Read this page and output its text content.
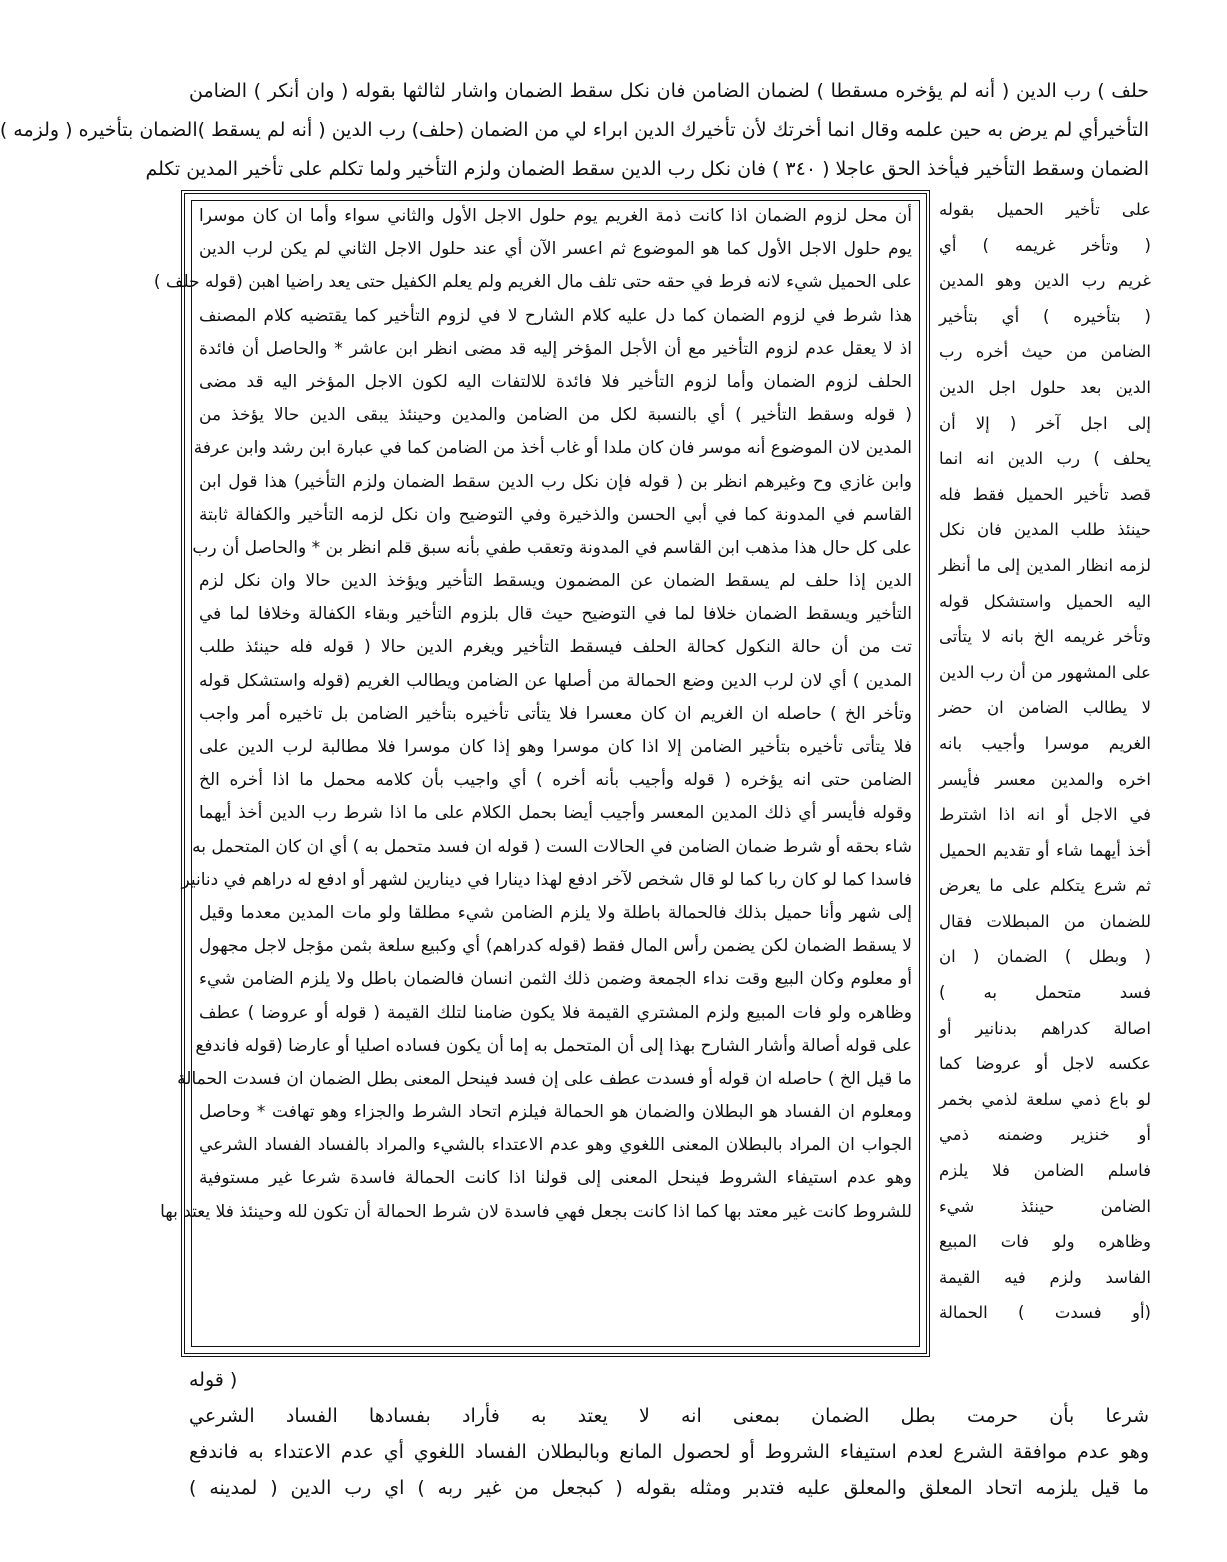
حلف ) رب الدين ( أنه لم يؤخره مسقطا ) لضمان الضامن فان نكل سقط الضمان واشار لثالثها بقوله ( وان أنكر ) الضامن
التأخيرأي لم يرض به حين علمه وقال انما أخرتك لأن تأخيرك الدين ابراء لي من الضمان (حلف) رب الدين ( أنه لم يسقط )الضمان بتأخيره ( ولزمه )
الضمان وسقط التأخير فيأخذ الحق عاجلا ( ٣٤٠ ) فان نكل رب الدين سقط الضمان ولزم التأخير ولما تكلم على تأخير المدين تكلم
أن محل لزوم الضمان اذا كانت ذمة الغريم يوم حلول الاجل الأول والثاني سواء وأما ان كان موسرا
يوم حلول الاجل الأول كما هو الموضوع ثم اعسر الآن أي عند حلول الاجل الثاني لم يكن لرب الدين
على الحميل شيء لانه فرط في حقه حتى تلف مال الغريم ولم يعلم الكفيل حتى يعد راضيا اهبن (قوله حلف )
هذا شرط في لزوم الضمان كما دل عليه كلام الشارح لا في لزوم التأخير كما يقتضيه كلام المصنف
اذ لا يعقل عدم لزوم التأخير مع أن الأجل المؤخر إليه قد مضى انظر ابن عاشر * والحاصل أن فائدة
الحلف لزوم الضمان وأما لزوم التأخير فلا فائدة للالتفات اليه لكون الاجل المؤخر اليه قد مضى
( قوله وسقط التأخير ) أي بالنسبة لكل من الضامن والمدين وحينئذ يبقى الدين حالا يؤخذ من
المدين لان الموضوع أنه موسر فان كان ملدا أو غاب أخذ من الضامن كما في عبارة ابن رشد وابن عرفة
وابن غازي وح وغيرهم انظر بن ( قوله فإن نكل رب الدين سقط الضمان ولزم التأخير) هذا قول ابن
القاسم في المدونة كما في أبي الحسن والذخيرة وفي التوضيح وان نكل لزمه التأخير والكفالة ثابتة
على كل حال هذا مذهب ابن القاسم في المدونة وتعقب طفي بأنه سبق قلم انظر بن * والحاصل أن رب
الدين إذا حلف لم يسقط الضمان عن المضمون ويسقط التأخير ويؤخذ الدين حالا وان نكل لزم
التأخير ويسقط الضمان خلافا لما في التوضيح حيث قال بلزوم التأخير وبقاء الكفالة وخلافا لما في
تت من أن حالة النكول كحالة الحلف فيسقط التأخير ويغرم الدين حالا ( قوله فله حينئذ طلب
المدين ) أي لان لرب الدين وضع الحمالة من أصلها عن الضامن ويطالب الغريم (قوله واستشكل قوله
وتأخر الخ ) حاصله ان الغريم ان كان معسرا فلا يتأتى تأخيره بتأخير الضامن بل تاخيره أمر واجب
فلا يتأتى تأخيره بتأخير الضامن إلا اذا كان موسرا وهو إذا كان موسرا فلا مطالبة لرب الدين على
الضامن حتى انه يؤخره ( قوله وأجيب بأنه أخره ) أي واجيب بأن كلامه محمل ما اذا أخره الخ
وقوله فأيسر أي ذلك المدين المعسر وأجيب أيضا بحمل الكلام على ما اذا شرط رب الدين أخذ أيهما
شاء بحقه أو شرط ضمان الضامن في الحالات الست ( قوله ان فسد متحمل به ) أي ان كان المتحمل به
فاسدا كما لو كان ربا كما لو قال شخص لآخر ادفع لهذا دينارا في دينارين لشهر أو ادفع له دراهم في دنانير
إلى شهر وأنا حميل بذلك فالحمالة باطلة ولا يلزم الضامن شيء مطلقا ولو مات المدين معدما وقيل
لا يسقط الضمان لكن يضمن رأس المال فقط (قوله كدراهم) أي وكبيع سلعة بثمن مؤجل لاجل مجهول
أو معلوم وكان البيع وقت نداء الجمعة وضمن ذلك الثمن انسان فالضمان باطل ولا يلزم الضامن شيء
وظاهره ولو فات المبيع ولزم المشتري القيمة فلا يكون ضامنا لتلك القيمة ( قوله أو عروضا ) عطف
على قوله أصالة وأشار الشارح بهذا إلى أن المتحمل به إما أن يكون فساده اصليا أو عارضا (قوله فاندفع
ما قيل الخ ) حاصله ان قوله أو فسدت عطف على إن فسد فينحل المعنى بطل الضمان ان فسدت الحمالة
ومعلوم ان الفساد هو البطلان والضمان هو الحمالة فيلزم اتحاد الشرط والجزاء وهو تهافت * وحاصل
الجواب ان المراد بالبطلان المعنى اللغوي وهو عدم الاعتداء بالشيء والمراد بالفساد الفساد الشرعي
وهو عدم استيفاء الشروط فينحل المعنى إلى قولنا اذا كانت الحمالة فاسدة شرعا غير مستوفية
للشروط كانت غير معتد بها كما اذا كانت بجعل فهي فاسدة لان شرط الحمالة أن تكون لله وحينئذ فلا يعتد بها
على تأخير الحميل بقوله
( وتأخر غريمه ) أي
غريم رب الدين وهو المدين
( بتأخيره ) أي بتأخير
الضامن من حيث أخره رب
الدين بعد حلول اجل الدين
إلى اجل آخر ( إلا أن
يحلف ) رب الدين انه انما
قصد تأخير الحميل فقط فله
حينئذ طلب المدين فان نكل
لزمه انظار المدين إلى ما أنظر
اليه الحميل واستشكل قوله
وتأخر غريمه الخ بانه لا يتأتى
على المشهور من أن رب الدين
لا يطالب الضامن ان حضر
الغريم موسرا وأجيب بانه
اخره والمدين معسر فأيسر
في الاجل أو انه اذا اشترط
أخذ أيهما شاء أو تقديم الحميل
ثم شرع يتكلم على ما يعرض
للضمان من المبطلات فقال
( وبطل ) الضمان ( ان
فسد متحمل به )
اصالة كدراهم بدنانير أو
عكسه لاجل أو عروضا كما
لو باع ذمي سلعة لذمي بخمر
أو خنزير وضمنه ذمي
فاسلم الضامن فلا يلزم
الضامن حينئذ شيء
وظاهره ولو فات المبيع
الفاسد ولزم فيه القيمة
(أو فسدت ) الحمالة
( قوله
شرعا بأن حرمت بطل الضمان بمعنى انه لا يعتد به فأراد بفسادها الفساد الشرعي
وهو عدم موافقة الشرع لعدم استيفاء الشروط أو لحصول المانع وبالبطلان الفساد اللغوي أي عدم الاعتداء به فاندفع
ما قيل يلزمه اتحاد المعلق والمعلق عليه فتدبر ومثله بقوله ( كبجعل من غير ربه ) اي رب الدين ( لمدينه )
